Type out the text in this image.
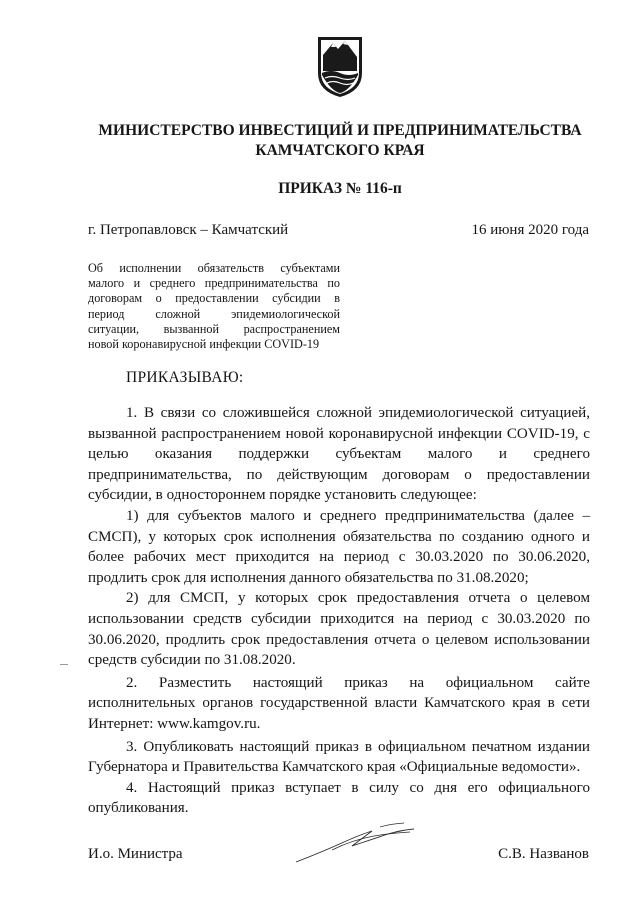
МИНИСТЕРСТВО ИНВЕСТИЦИЙ И ПРЕДПРИНИМАТЕЛЬСТВА
КАМЧАТСКОГО КРАЯ
ПРИКАЗ № 116-п
г. Петропавловск – Камчатский	16 июня 2020 года
Об исполнении обязательств субъектами
малого и среднего предпринимательства по
договорам о предоставлении субсидии в
период сложной эпидемиологической
ситуации, вызванной распространением
новой коронавирусной инфекции COVID-19
ПРИКАЗЫВАЮ:

1. В связи со сложившейся сложной эпидемиологической ситуацией, вызванной распространением новой коронавирусной инфекции COVID-19, с целью оказания поддержки субъектам малого и среднего предпринимательства, по действующим договорам о предоставлении субсидии, в одностороннем порядке установить следующее:

1) для субъектов малого и среднего предпринимательства (далее – СМСП), у которых срок исполнения обязательства по созданию одного и более рабочих мест приходится на период с 30.03.2020 по 30.06.2020, продлить срок для исполнения данного обязательства по 31.08.2020;

2) для СМСП, у которых срок предоставления отчета о целевом использовании средств субсидии приходится на период с 30.03.2020 по 30.06.2020, продлить срок предоставления отчета о целевом использовании средств субсидии по 31.08.2020.

2. Разместить настоящий приказ на официальном сайте исполнительных органов государственной власти Камчатского края в сети Интернет: www.kamgov.ru.

3. Опубликовать настоящий приказ в официальном печатном издании Губернатора и Правительства Камчатского края «Официальные ведомости».

4. Настоящий приказ вступает в силу со дня его официального опубликования.

И.о. Министра	С.В. Названов
